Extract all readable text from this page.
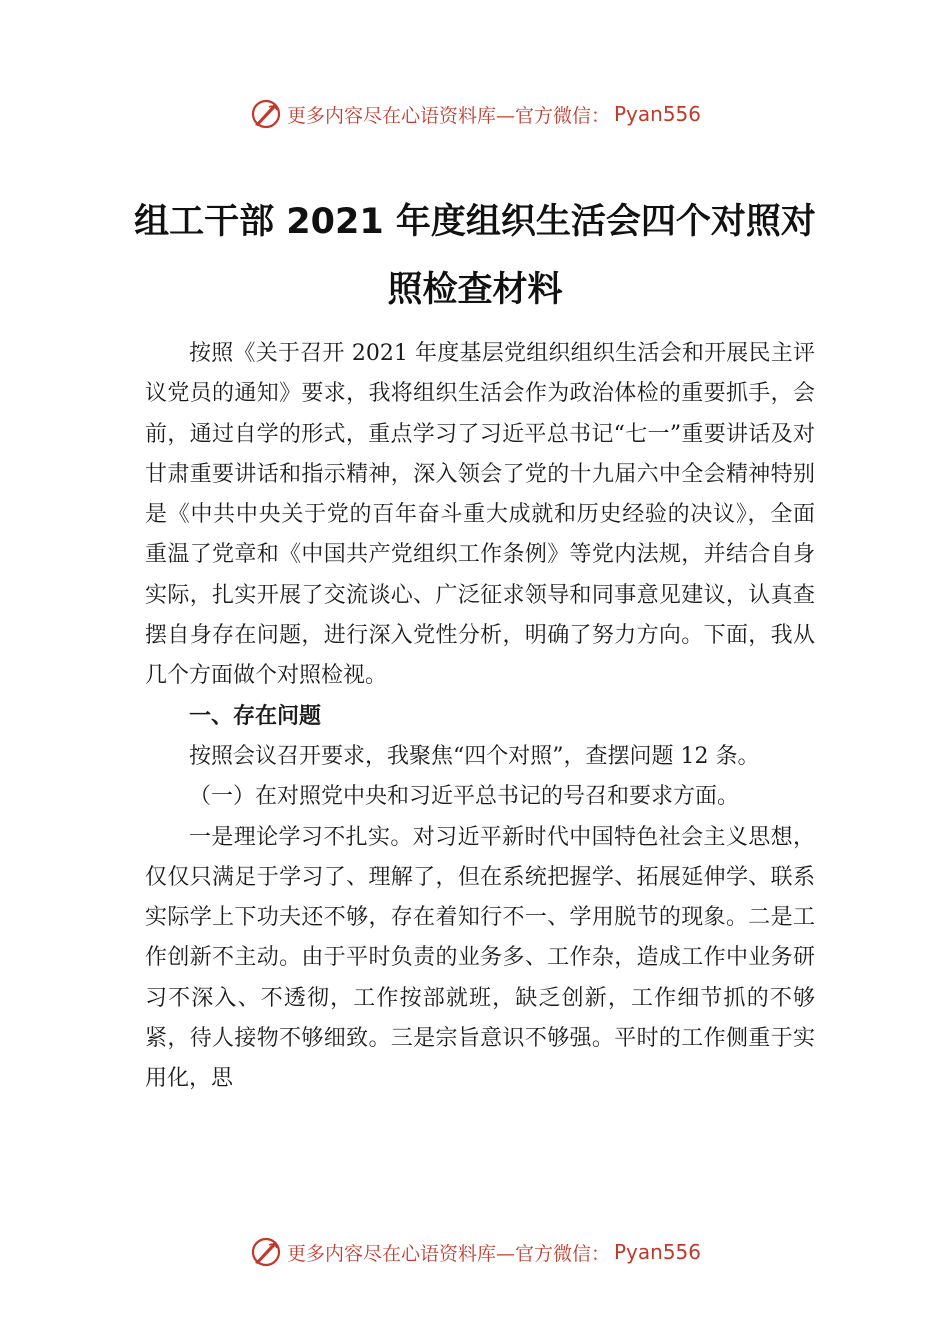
更多内容尽在心语资料库—官方微信： Pyan556
组工干部 2021 年度组织生活会四个对照对
照检查材料

按照《关于召开 2021 年度基层党组织组织生活会和开展民主评议党员的通知》要求，我将组织生活会作为政治体检的重要抓手，会前，通过自学的形式，重点学习了习近平总书记“七一”重要讲话及对甘肃重要讲话和指示精神，深入领会了党的十九届六中全会精神特别是《中共中央关于党的百年奋斗重大成就和历史经验的决议》，全面重温了党章和《中国共产党组织工作条例》等党内法规，并结合自身实际，扎实开展了交流谈心、广泛征求领导和同事意见建议，认真查摆自身存在问题，进行深入党性分析，明确了努力方向。下面，我从几个方面做个对照检视。

一、存在问题

按照会议召开要求，我聚焦“四个对照”，查摆问题 12 条。

（一）在对照党中央和习近平总书记的号召和要求方面。

一是理论学习不扎实。对习近平新时代中国特色社会主义思想，仅仅只满足于学习了、理解了，但在系统把握学、拓展延伸学、联系实际学上下功夫还不够，存在着知行不一、学用脱节的现象。二是工作创新不主动。由于平时负责的业务多、工作杂，造成工作中业务研习不深入、不透彻，工作按部就班，缺乏创新，工作细节抓的不够紧，待人接物不够细致。三是宗旨意识不够强。平时的工作侧重于实用化，思

更多内容尽在心语资料库—官方微信： Pyan556
